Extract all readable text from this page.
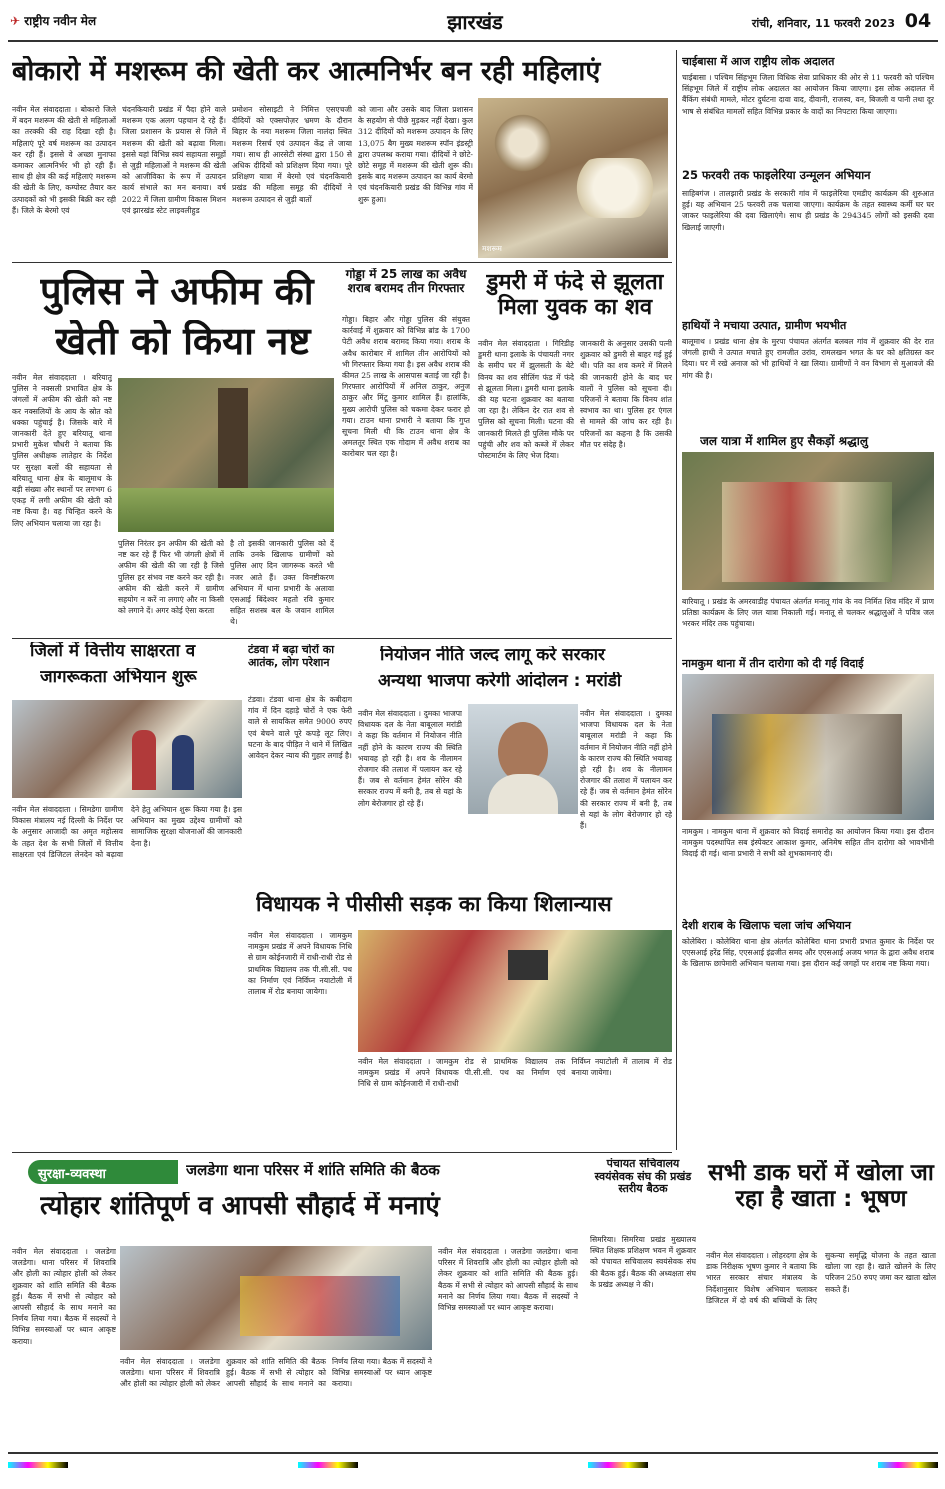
✈ राष्ट्रीय नवीन मेल	झारखंड	रांची, शनिवार, 11 फरवरी 2023 04
बोकारो में मशरूम की खेती कर आत्मनिर्भर बन रही महिलाएं
नवीन मेल संवाददाता । बोकारो जिले में बदन मशरूम की खेती से महिलाओं का तरक्की की राह दिखा रही है। महिलाएं पूरे वर्ष मशरूम का उत्पादन कर रही हैं। इससे वे अच्छा मुनाफा कमाकर आत्मनिर्भर भी हो रही हैं। साथ ही क्षेत्र की कई महिलाएं मशरूम की खेती के लिए, कम्पोस्ट तैयार कर उत्पादकों को भी इसकी बिक्री कर रही हैं। जिले के बेरमो एवं
चंदनकियारी प्रखंड में पैदा होने वाले मशरूम एक अलग पहचान दे रहे हैं। जिला प्रशासन के प्रयास से जिले में मशरूम की खेती को बढ़ावा मिला। इससे यहां विभिन्न स्वयं सहायता समूहों से जुड़ी महिलाओं ने मशरूम की खेती को आजीविका के रूप में उत्पादन कार्य संभाले का मन बनाया। वर्ष 2022 में जिला ग्रामीण विकास मिशन एवं झारखंड स्टेट लाइवलीहुड
प्रमोशन सोसाइटी ने निमित्त एसएचजी दीदियों को एक्सपोज़र भ्रमण के दौरान बिहार के नया मशरूम जिला नालंदा स्थित मशरूम रिसर्च एवं उत्पादन केंद्र ले जाया गया। साथ ही आरसेटी संस्था द्वारा 150 से अधिक दीदियों को प्रशिक्षण दिया गया। पूरे प्रशिक्षण यात्रा में बेरमो एवं चंदनकियारी प्रखंड की महिला समूह की दीदियों ने मशरूम उत्पादन से जुड़ी बातों
को जाना और उसके बाद जिला प्रशासन के सहयोग से पीछे मुड़कर नहीं देखा। कुल 312 दीदियों को मशरूम उत्पादन के लिए 13,075 बैग मुख्य मशरूम स्पॉन इंडस्ट्री द्वारा उपलब्ध कराया गया। दीदियों ने छोटे-छोटे समूह में मशरूम की खेती शुरू की। इसके बाद मशरूम उत्पादन का कार्य बेरमो एवं चंदनकियारी प्रखंड की विभिन्न गांव में शुरू हुआ।
मशरूम
पुलिस ने अफीम की
खेती को किया नष्ट
नवीन मेल संवाददाता । बरियातू पुलिस ने नक्सली प्रभावित क्षेत्र के जंगलों में अफीम की खेती को नष्ट कर नक्सलियों के आय के स्रोत को धक्का पहुंचाई है। जिसके बारे में जानकारी देते हुए बरियातू थाना प्रभारी मुकेश चौधरी ने बताया कि पुलिस अधीक्षक लातेहार के निर्देश पर सुरक्षा बलों की सहायता से बरियातू थाना क्षेत्र के बालूमाथ के बड़ी संख्या और स्थानों पर लगभग 6 एकड़ में लगी अफीम की खेती को नष्ट किया है। वह चिन्हित करने के लिए अभियान चलाया जा रहा है।
पुलिस निरंतर इन अफीम की खेती को नष्ट कर रहे हैं फिर भी जंगली क्षेत्रों में अफीम की खेती की जा रही है जिसे पुलिस हर संभव नष्ट करने कर रही है। अफीम की खेती करने में ग्रामीण सहयोग न करें ना लगाएं और ना किसी को लगाने दें। अगर कोई ऐसा करता
है तो इसकी जानकारी पुलिस को दें ताकि उनके खिलाफ ग्रामीणों को पुलिस आए दिन जागरूक करते भी नजर आते हैं। उक्त विनष्टीकरण अभियान में थाना प्रभारी के अलावा एसआई बिंदेश्वर महतो रवि कुमार सहित सशस्त्र बल के जवान शामिल थे।
गोड्डा में 25 लाख का अवैध शराब बरामद तीन गिरफ्तार
गोड्डा। बिहार और गोड्डा पुलिस की संयुक्त कार्रवाई में शुक्रवार को विभिन्न ब्रांड के 1700 पेटी अवैध शराब बरामद किया गया। शराब के अवैध कारोबार में शामिल तीन आरोपियों को भी गिरफ्तार किया गया है। इस अवैध शराब की कीमत 25 लाख के आसपास बताई जा रही है। गिरफ्तार आरोपियों में अनिल ठाकुर, अनुज ठाकुर और मिंटू कुमार शामिल हैं। हालांकि, मुख्य आरोपी पुलिस को चकमा देकर फरार हो गया। टाउन थाना प्रभारी ने बताया कि गुप्त सूचना मिली थी कि टाउन थाना क्षेत्र के अमलतूर स्थित एक गोदाम में अवैध शराब का कारोबार चल रहा है।
डुमरी में फंदे से झूलता मिला युवक का शव
नवीन मेल संवाददाता । गिरिडीह डुमरी थाना इलाके के पंचायती नगर के समीप घर में झुलसती के बेटे विनय का शव सीलिंग फंड में फंदे से झूलता मिला। डुमरी थाना इलाके की यह घटना शुक्रवार का बताया जा रहा है। लेकिन देर रात शव से पुलिस को सूचना मिली। घटना की जानकारी मिलते ही पुलिस मौके पर पहुंची और शव को कब्जे में लेकर पोस्टमार्टम के लिए भेज दिया।
जानकारी के अनुसार उसकी पत्नी शुक्रवार को डुमरी से बाहर गई हुई थी। पति का शव कमरे में मिलने की जानकारी होने के बाद घर वालों ने पुलिस को सूचना दी। परिजनों ने बताया कि विनय शांत स्वभाव का था। पुलिस हर एंगल से मामले की जांच कर रही है। परिजनों का कहना है कि उसकी मौत पर संदेह है।
जिलों में वित्तीय साक्षरता व
जागरूकता अभियान शुरू
नवीन मेल संवाददाता । सिमडेगा ग्रामीण विकास मंत्रालय नई दिल्ली के निर्देश पर के अनुसार आजादी का अमृत महोत्सव के तहत देश के सभी जिलों में वित्तीय साक्षरता एवं डिजिटल लेनदेन को बढ़ावा देने हेतु अभियान शुरू किया गया है। इस अभियान का मुख्य उद्देश्य ग्रामीणों को सामाजिक सुरक्षा योजनाओं की जानकारी देना है।
टंडवा में बढ़ा चोरों का आतंक, लोग परेशान
टंडवा। टंडवा थाना क्षेत्र के कबीदाग गांव में दिन दहाड़े चोरों ने एक फेरी वाले से सायकिल समेत 9000 रुपए एवं बेचने वाले पूरे कपड़े लूट लिए। घटना के बाद पीड़ित ने थाने में लिखित आवेदन देकर न्याय की गुहार लगाई है।
नियोजन नीति जल्द लागू करे सरकार
अन्यथा भाजपा करेगी आंदोलन : मरांडी
नवीन मेल संवाददाता । दुमका भाजपा विधायक दल के नेता बाबूलाल मरांडी ने कहा कि वर्तमान में नियोजन नीति नहीं होने के कारण राज्य की स्थिति भयावह हो रही है। शव के नीलामन रोजगार की तलाश में पलायन कर रहे हैं। जब से वर्तमान हेमंत सोरेन की सरकार राज्य में बनी है, तब से यहां के लोग बेरोजगार हो रहे हैं।
नवीन मेल संवाददाता । दुमका भाजपा विधायक दल के नेता बाबूलाल मरांडी ने कहा कि वर्तमान में नियोजन नीति नहीं होने के कारण राज्य की स्थिति भयावह हो रही है। शव के नीलामन रोजगार की तलाश में पलायन कर रहे हैं। जब से वर्तमान हेमंत सोरेन की सरकार राज्य में बनी है, तब से यहां के लोग बेरोजगार हो रहे हैं।
विधायक ने पीसीसी सड़क का किया शिलान्यास
नवीन मेल संवाददाता । जामकुम नामकुम प्रखंड में अपने विधायक निधि से ग्राम कोईनजारी में राधी-राधी रोड से प्राथमिक विद्यालय तक पी.सी.सी. पथ का निर्माण एवं निर्विघ्न नयाटोली में तालाब में रोड बनाया जायेगा।
नवीन मेल संवाददाता । जामकुम नामकुम प्रखंड में अपने विधायक निधि से ग्राम कोईनजारी में राधी-राधी रोड से प्राथमिक विद्यालय तक पी.सी.सी. पथ का निर्माण एवं निर्विघ्न नयाटोली में तालाब में रोड बनाया जायेगा।
सुरक्षा-व्यवस्था	जलडेगा थाना परिसर में शांति समिति की बैठक
त्योहार शांतिपूर्ण व आपसी सौहार्द में मनाएं
नवीन मेल संवाददाता । जलडेगा जलडेगा। थाना परिसर में शिवरात्रि और होली का त्योहार होली को लेकर शुक्रवार को शांति समिति की बैठक हुई। बैठक में सभी से त्योहार को आपसी सौहार्द के साथ मनाने का निर्णय लिया गया। बैठक में सदस्यों ने विभिन्न समस्याओं पर ध्यान आकृष्ट कराया।
नवीन मेल संवाददाता । जलडेगा जलडेगा। थाना परिसर में शिवरात्रि और होली का त्योहार होली को लेकर शुक्रवार को शांति समिति की बैठक हुई। बैठक में सभी से त्योहार को आपसी सौहार्द के साथ मनाने का निर्णय लिया गया। बैठक में सदस्यों ने विभिन्न समस्याओं पर ध्यान आकृष्ट कराया।
नवीन मेल संवाददाता । जलडेगा जलडेगा। थाना परिसर में शिवरात्रि और होली का त्योहार होली को लेकर शुक्रवार को शांति समिति की बैठक हुई। बैठक में सभी से त्योहार को आपसी सौहार्द के साथ मनाने का निर्णय लिया गया। बैठक में सदस्यों ने विभिन्न समस्याओं पर ध्यान आकृष्ट कराया।
पंचायत सचिवालय स्वयंसेवक संघ की प्रखंड स्तरीय बैठक
सिमरिया। सिमरिया प्रखंड मुख्यालय स्थित शिक्षक प्रशिक्षण भवन में शुक्रवार को पंचायत सचिवालय स्वयंसेवक संघ की बैठक हुई। बैठक की अध्यक्षता संघ के प्रखंड अध्यक्ष ने की।
सभी डाक घरों में खोला जा रहा है खाता : भूषण
नवीन मेल संवाददाता । लोहरदगा क्षेत्र के डाक निरीक्षक भूषण कुमार ने बताया कि भारत सरकार संचार मंत्रालय के निर्देशानुसार विशेष अभियान चलाकर डिजिटल में दो वर्ष की बच्चियों के लिए सुकन्या समृद्धि योजना के तहत खाता खोला जा रहा है। खाते खोलने के लिए परिजन 250 रुपए जमा कर खाता खोल सकते हैं।
चाईबासा में आज राष्ट्रीय लोक अदालत
चाईबासा । पश्चिम सिंहभूम जिला विधिक सेवा प्राधिकार की ओर से 11 फरवरी को पश्चिम सिंहभूम जिले में राष्ट्रीय लोक अदालत का आयोजन किया जाएगा। इस लोक अदालत में बैंकिंग संबंधी मामले, मोटर दुर्घटना दावा वाद, दीवानी, राजस्व, वन, बिजली व पानी तथा दूर भाष से संबंधित मामलों सहित विभिन्न प्रकार के वादों का निपटारा किया जाएगा।
25 फरवरी तक फाइलेरिया उन्मूलन अभियान
साहिबगंज । तालझारी प्रखंड के सरकारी गांव में फाइलेरिया एमडीए कार्यक्रम की शुरुआत हुई। यह अभियान 25 फरवरी तक चलाया जाएगा। कार्यक्रम के तहत स्वास्थ्य कर्मी घर घर जाकर फाइलेरिया की दवा खिलाएंगे। साथ ही प्रखंड के 294345 लोगों को इसकी दवा खिलाई जाएगी।
हाथियों ने मचाया उत्पात, ग्रामीण भयभीत
बालूमाथ । प्रखंड थाना क्षेत्र के मुरपा पंचायत अंतर्गत बलबल गांव में शुक्रवार की देर रात जंगली हाथी ने उत्पात मचाते हुए रामजीत उरांव, रामलखन भगत के घर को क्षतिग्रस्त कर दिया। घर में रखे अनाज को भी हाथियों ने खा लिया। ग्रामीणों ने वन विभाग से मुआवजे की मांग की है।
जल यात्रा में शामिल हुए सैकड़ों श्रद्धालु
बारियातू । प्रखंड के अमरवाडीह पंचायत अंतर्गत मनातू गांव के नव निर्मित शिव मंदिर में प्राण प्रतिष्ठा कार्यक्रम के लिए जल यात्रा निकाली गई। मनातू से चलकर श्रद्धालुओं ने पवित्र जल भरकर मंदिर तक पहुंचाया।
नामकुम थाना में तीन दारोगा को दी गई विदाई
नामकुम । नामकुम थाना में शुक्रवार को विदाई समारोह का आयोजन किया गया। इस दौरान नामकुम पदस्थापित सब इंस्पेक्टर आकाश कुमार, अनिमेष सहित तीन दारोगा को भावभीनी विदाई दी गई। थाना प्रभारी ने सभी को शुभकामनाएं दी।
देशी शराब के खिलाफ चला जांच अभियान
कोलेबिरा । कोलेबिरा थाना क्षेत्र अंतर्गत कोलेबिरा थाना प्रभारी प्रभात कुमार के निर्देश पर एएसआई हरेंद्र सिंह, एएसआई इंद्रजीत समद और एएसआई अजय भगत के द्वारा अवैध शराब के खिलाफ छापेमारी अभियान चलाया गया। इस दौरान कई जगहों पर शराब नष्ट किया गया।
